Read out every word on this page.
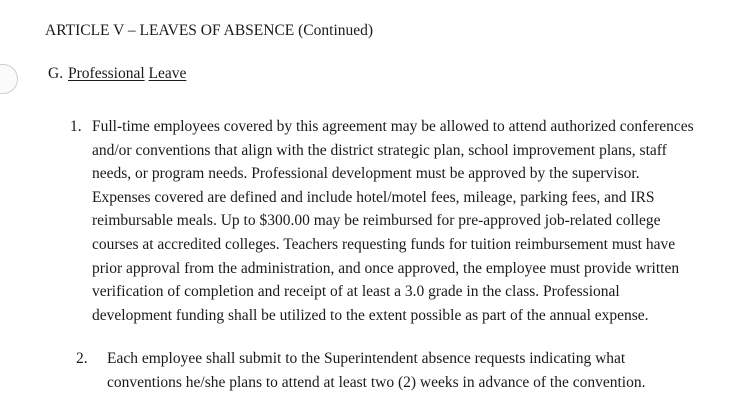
ARTICLE V – LEAVES OF ABSENCE (Continued)
G. Professional Leave
1. Full-time employees covered by this agreement may be allowed to attend authorized conferences
and/or conventions that align with the district strategic plan, school improvement plans, staff
needs, or program needs. Professional development must be approved by the supervisor.
Expenses covered are defined and include hotel/motel fees, mileage, parking fees, and IRS
reimbursable meals. Up to $300.00 may be reimbursed for pre-approved job-related college
courses at accredited colleges. Teachers requesting funds for tuition reimbursement must have
prior approval from the administration, and once approved, the employee must provide written
verification of completion and receipt of at least a 3.0 grade in the class. Professional
development funding shall be utilized to the extent possible as part of the annual expense.
2. Each employee shall submit to the Superintendent absence requests indicating what
conventions he/she plans to attend at least two (2) weeks in advance of the convention.
